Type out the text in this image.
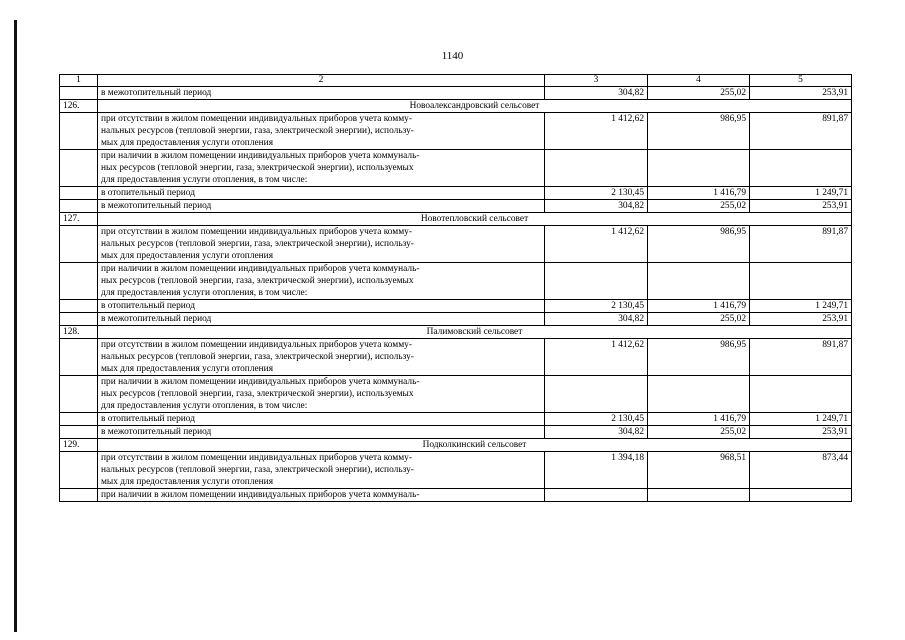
1140
1	2	3	4	5
	в межотопительный период	304,82	255,02	253,91
126.	Новоалександровский сельсовет			

	при отсутствии в жилом помещении индивидуальных приборов учета комму-
нальных ресурсов (тепловой энергии, газа, электрической энергии), использу-
мых для предоставления услуги отопления	1 412,62	986,95	891,87

	при наличии в жилом помещении индивидуальных приборов учета коммуналь-
ных ресурсов (тепловой энергии, газа, электрической энергии), используемых
для предоставления услуги отопления, в том числе:			

	в отопительный период	2 130,45	1 416,79	1 249,71
	в межотопительный период	304,82	255,02	253,91
127.	Новотепловский сельсовет			

	при отсутствии в жилом помещении индивидуальных приборов учета комму-
нальных ресурсов (тепловой энергии, газа, электрической энергии), использу-
мых для предоставления услуги отопления	1 412,62	986,95	891,87

	при наличии в жилом помещении индивидуальных приборов учета коммуналь-
ных ресурсов (тепловой энергии, газа, электрической энергии), используемых
для предоставления услуги отопления, в том числе:			

	в отопительный период	2 130,45	1 416,79	1 249,71
	в межотопительный период	304,82	255,02	253,91
128.	Палимовский сельсовет			

	при отсутствии в жилом помещении индивидуальных приборов учета комму-
нальных ресурсов (тепловой энергии, газа, электрической энергии), использу-
мых для предоставления услуги отопления	1 412,62	986,95	891,87

	при наличии в жилом помещении индивидуальных приборов учета коммуналь-
ных ресурсов (тепловой энергии, газа, электрической энергии), используемых
для предоставления услуги отопления, в том числе:			

	в отопительный период	2 130,45	1 416,79	1 249,71
	в межотопительный период	304,82	255,02	253,91
129.	Подколкинский сельсовет			

	при отсутствии в жилом помещении индивидуальных приборов учета комму-
нальных ресурсов (тепловой энергии, газа, электрической энергии), использу-
мых для предоставления услуги отопления	1 394,18	968,51	873,44
	при наличии в жилом помещении индивидуальных приборов учета коммуналь-			
